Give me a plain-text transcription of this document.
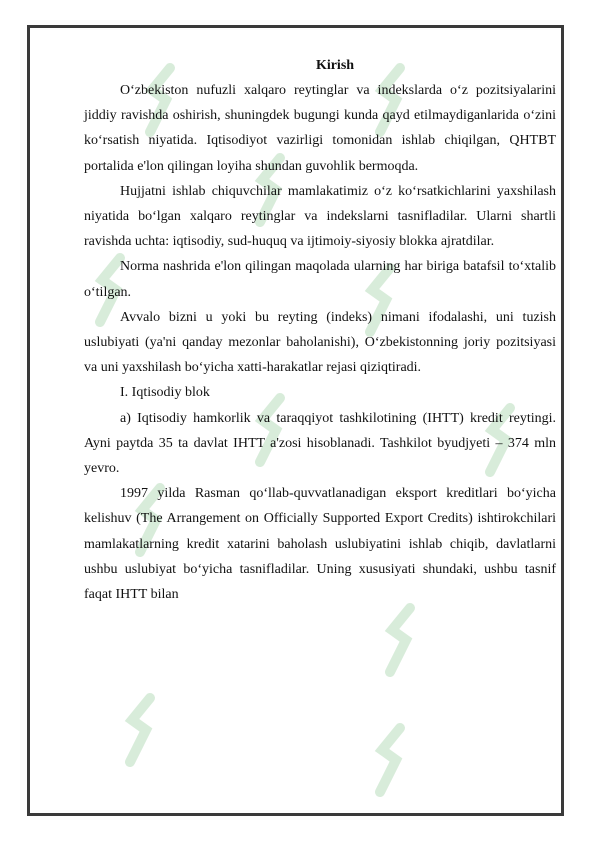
Kirish

O‘zbekiston nufuzli xalqaro reytinglar va indekslarda o‘z pozitsiyalarini jiddiy ravishda oshirish, shuningdek bugungi kunda qayd etilmaydiganlarida o‘zini ko‘rsatish niyatida. Iqtisodiyot vazirligi tomonidan ishlab chiqilgan, QHTBT portalida e'lon qilingan loyiha shundan guvohlik bermoqda.

Hujjatni ishlab chiquvchilar mamlakatimiz o‘z ko‘rsatkichlarini yaxshilash niyatida bo‘lgan xalqaro reytinglar va indekslarni tasnifladilar. Ularni shartli ravishda uchta: iqtisodiy, sud-huquq va ijtimoiy-siyosiy blokka ajratdilar.

Norma nashrida e'lon qilingan maqolada ularning har biriga batafsil to‘xtalib o‘tilgan.

Avvalo bizni u yoki bu reyting (indeks) nimani ifodalashi, uni tuzish uslubiyati (ya'ni qanday mezonlar baholanishi), O‘zbekistonning joriy pozitsiyasi va uni yaxshilash bo‘yicha xatti-harakatlar rejasi qiziqtiradi.

I. Iqtisodiy blok

a) Iqtisodiy hamkorlik va taraqqiyot tashkilotining (IHTT) kredit reytingi. Ayni paytda 35 ta davlat IHTT a'zosi hisoblanadi. Tashkilot byudjyeti – 374 mln yevro.

1997 yilda Rasman qo‘llab-quvvatlanadigan eksport kreditlari bo‘yicha kelishuv (The Arrangement on Officially Supported Export Credits) ishtirokchilari mamlakatlarning kredit xatarini baholash uslubiyatini ishlab chiqib, davlatlarni ushbu uslubiyat bo‘yicha tasnifladilar. Uning xususiyati shundaki, ushbu tasnif faqat IHTT bilan
